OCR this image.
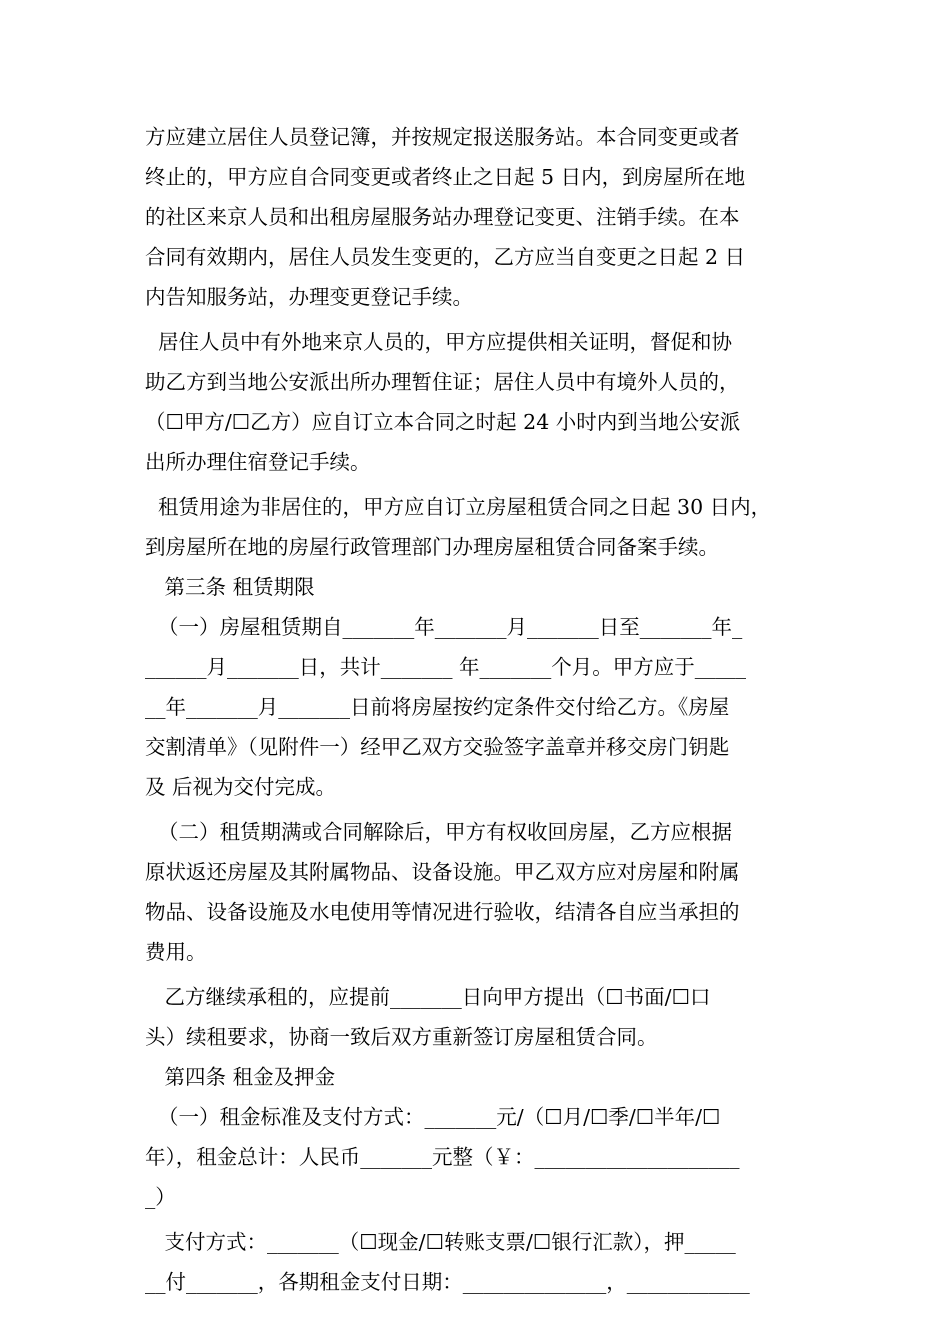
方应建立居住人员登记簿，并按规定报送服务站。本合同变更或者
终止的，甲方应自合同变更或者终止之日起 5 日内，到房屋所在地
的社区来京人员和出租房屋服务站办理登记变更、注销手续。在本
合同有效期内，居住人员发生变更的，乙方应当自变更之日起 2 日
内告知服务站，办理变更登记手续。
居住人员中有外地来京人员的，甲方应提供相关证明，督促和协
助乙方到当地公安派出所办理暂住证；居住人员中有境外人员的，
（☐甲方/☐乙方）应自订立本合同之时起 24 小时内到当地公安派
出所办理住宿登记手续。
租赁用途为非居住的，甲方应自订立房屋租赁合同之日起 30 日内，
到房屋所在地的房屋行政管理部门办理房屋租赁合同备案手续。
第三条 租赁期限
（一）房屋租赁期自_______年_______月_______日至_______年_
______月_______日，共计_______ 年_______个月。甲方应于_____
__年_______月_______日前将房屋按约定条件交付给乙方。《房屋
交割清单》（见附件一）经甲乙双方交验签字盖章并移交房门钥匙
及 后视为交付完成。
（二）租赁期满或合同解除后，甲方有权收回房屋，乙方应根据
原状返还房屋及其附属物品、设备设施。甲乙双方应对房屋和附属
物品、设备设施及水电使用等情况进行验收，结清各自应当承担的
费用。
乙方继续承租的，应提前_______日向甲方提出（☐书面/☐口
头）续租要求，协商一致后双方重新签订房屋租赁合同。
第四条 租金及押金
（一）租金标准及支付方式：_______元/（☐月/☐季/☐半年/☐
年），租金总计：人民币_______元整（￥：____________________
_）
支付方式：_______（☐现金/☐转账支票/☐银行汇款），押_____
__付_______，各期租金支付日期：______________，____________
